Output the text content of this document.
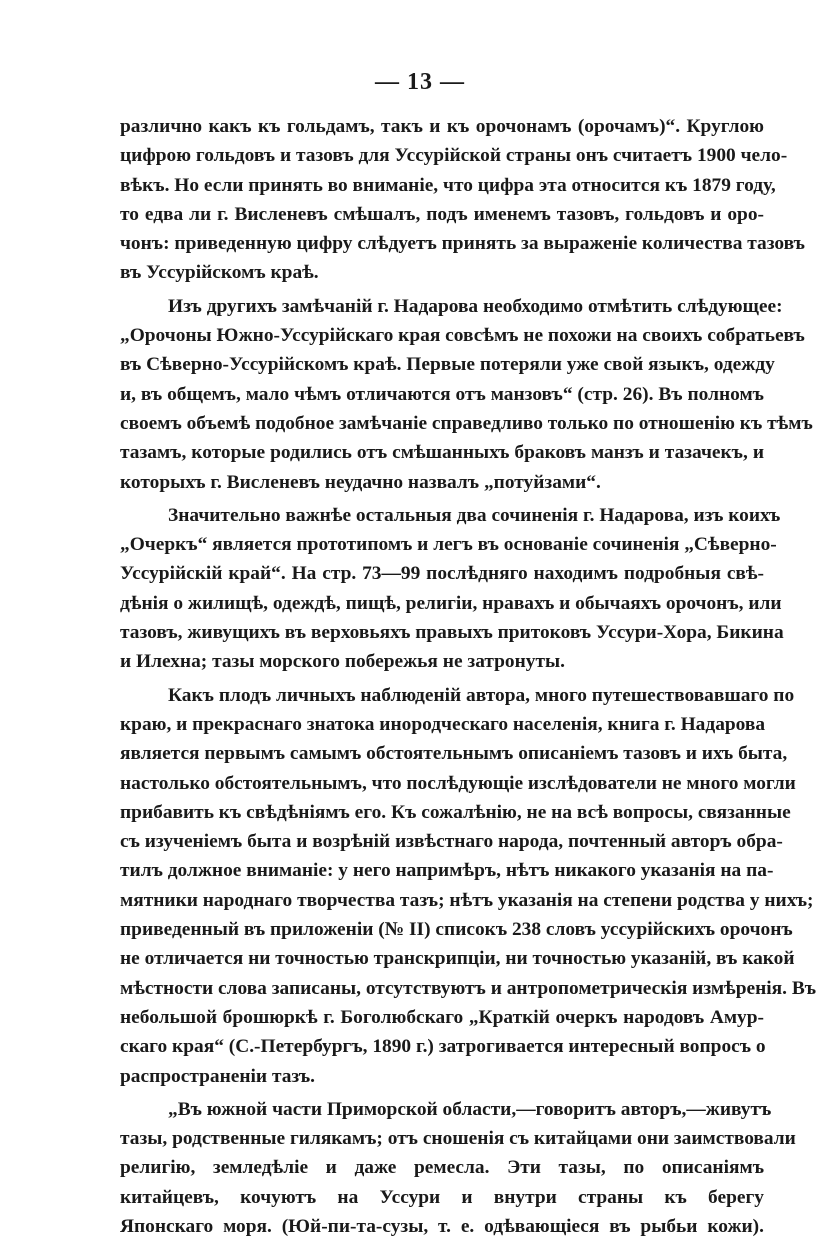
— 13 —

различно какъ къ гольдамъ, такъ и къ орочонамъ (орочамъ)“. Круглою
цифрою гольдовъ и тазовъ для Уссурійской страны онъ считаетъ 1900 чело-
вѣкъ. Но если принять во вниманіе, что цифра эта относится къ 1879 году,
то едва ли г. Висленевъ смѣшалъ, подъ именемъ тазовъ, гольдовъ и оро-
чонъ: приведенную цифру слѣдуетъ принять за выраженіе количества тазовъ
въ Уссурійскомъ краѣ.

Изъ другихъ замѣчаній г. Надарова необходимо отмѣтить слѣдующее:
„Орочоны Южно-Уссурійскаго края совсѣмъ не похожи на своихъ собратьевъ
въ Сѣверно-Уссурійскомъ краѣ. Первые потеряли уже свой языкъ, одежду
и, въ общемъ, мало чѣмъ отличаются отъ манзовъ“ (стр. 26). Въ полномъ
своемъ объемѣ подобное замѣчаніе справедливо только по отношенію къ тѣмъ
тазамъ, которые родились отъ смѣшанныхъ браковъ манзъ и тазачекъ, и
которыхъ г. Висленевъ неудачно назвалъ „потуйзами“.

Значительно важнѣе остальныя два сочиненія г. Надарова, изъ коихъ
„Очеркъ“ является прототипомъ и легъ въ основаніе сочиненія „Сѣверно-
Уссурійскій край“. На стр. 73—99 послѣдняго находимъ подробныя свѣ-
дѣнія о жилищѣ, одеждѣ, пищѣ, религіи, нравахъ и обычаяхъ орочонъ, или
тазовъ, живущихъ въ верховьяхъ правыхъ притоковъ Уссури-Хора, Бикина
и Илехна; тазы морского побережья не затронуты.

Какъ плодъ личныхъ наблюденій автора, много путешествовавшаго по
краю, и прекраснаго знатока инородческаго населенія, книга г. Надарова
является первымъ самымъ обстоятельнымъ описаніемъ тазовъ и ихъ быта,
настолько обстоятельнымъ, что послѣдующіе изслѣдователи не много могли
прибавить къ свѣдѣніямъ его. Къ сожалѣнію, не на всѣ вопросы, связанные
съ изученіемъ быта и возрѣній извѣстнаго народа, почтенный авторъ обра-
тилъ должное вниманіе: у него напримѣръ, нѣтъ никакого указанія на па-
мятники народнаго творчества тазъ; нѣтъ указанія на степени родства у нихъ;
приведенный въ приложеніи (№ II) списокъ 238 словъ уссурійскихъ орочонъ
не отличается ни точностью транскрипціи, ни точностью указаній, въ какой
мѣстности слова записаны, отсутствуютъ и антропометрическія измѣренія. Въ
небольшой брошюркѣ г. Боголюбскаго „Краткій очеркъ народовъ Амур-
скаго края“ (С.-Петербургъ, 1890 г.) затрогивается интересный вопросъ о
распространеніи тазъ.

„Въ южной части Приморской области,—говоритъ авторъ,—живутъ
тазы, родственные гилякамъ; отъ сношенія съ китайцами они заимствовали
религію, земледѣліе и даже ремесла. Эти тазы, по описаніямъ
китайцевъ, кочуютъ на Уссури и внутри страны къ берегу
Японскаго моря. (Юй-пи-та-сузы, т. е. одѣвающіеся въ рыбьи кожи).
